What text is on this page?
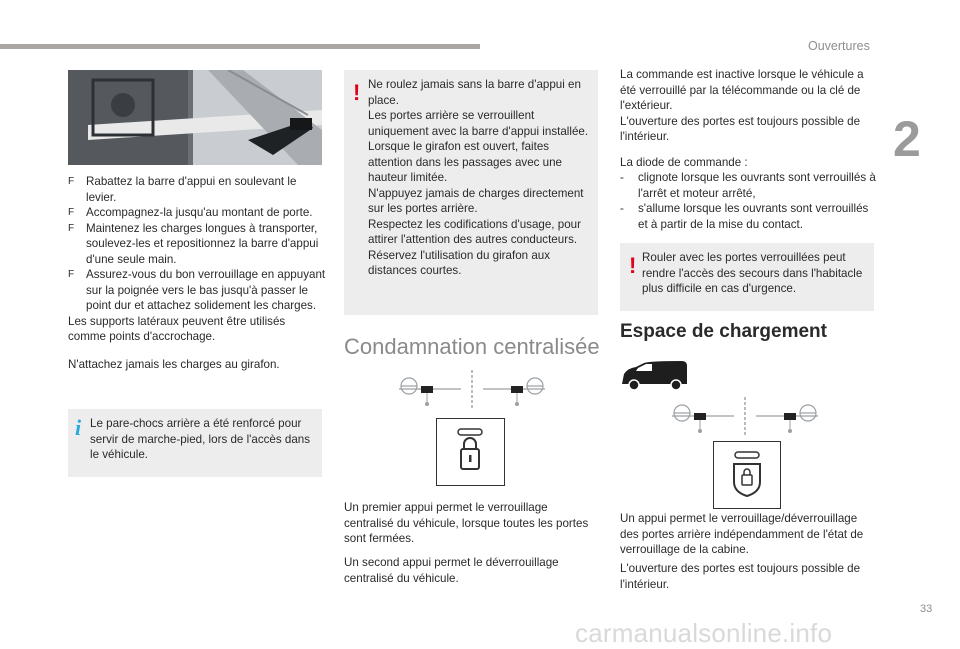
Ouvertures
2
33
F Rabattez la barre d'appui en soulevant le levier.
F Accompagnez-la jusqu'au montant de porte.
F Maintenez les charges longues à transporter, soulevez-les et repositionnez la barre d'appui d'une seule main.
F Assurez-vous du bon verrouillage en appuyant sur la poignée vers le bas jusqu'à passer le point dur et attachez solidement les charges.
Les supports latéraux peuvent être utilisés comme points d'accrochage.
N'attachez jamais les charges au girafon.
i Le pare-chocs arrière a été renforcé pour servir de marche-pied, lors de l'accès dans le véhicule.
! Ne roulez jamais sans la barre d'appui en place.
Les portes arrière se verrouillent uniquement avec la barre d'appui installée.
Lorsque le girafon est ouvert, faites attention dans les passages avec une hauteur limitée.
N'appuyez jamais de charges directement sur les portes arrière.
Respectez les codifications d'usage, pour attirer l'attention des autres conducteurs.
Réservez l'utilisation du girafon aux distances courtes.
Condamnation centralisée
Un premier appui permet le verrouillage centralisé du véhicule, lorsque toutes les portes sont fermées.
Un second appui permet le déverrouillage centralisé du véhicule.
La commande est inactive lorsque le véhicule a été verrouillé par la télécommande ou la clé de l'extérieur.
L'ouverture des portes est toujours possible de l'intérieur.
La diode de commande :
- clignote lorsque les ouvrants sont verrouillés à l'arrêt et moteur arrêté,
- s'allume lorsque les ouvrants sont verrouillés et à partir de la mise du contact.
! Rouler avec les portes verrouillées peut rendre l'accès des secours dans l'habitacle plus difficile en cas d'urgence.
Espace de chargement
Un appui permet le verrouillage/déverrouillage des portes arrière indépendamment de l'état de verrouillage de la cabine.
L'ouverture des portes est toujours possible de l'intérieur.
carmanualsonline.info
